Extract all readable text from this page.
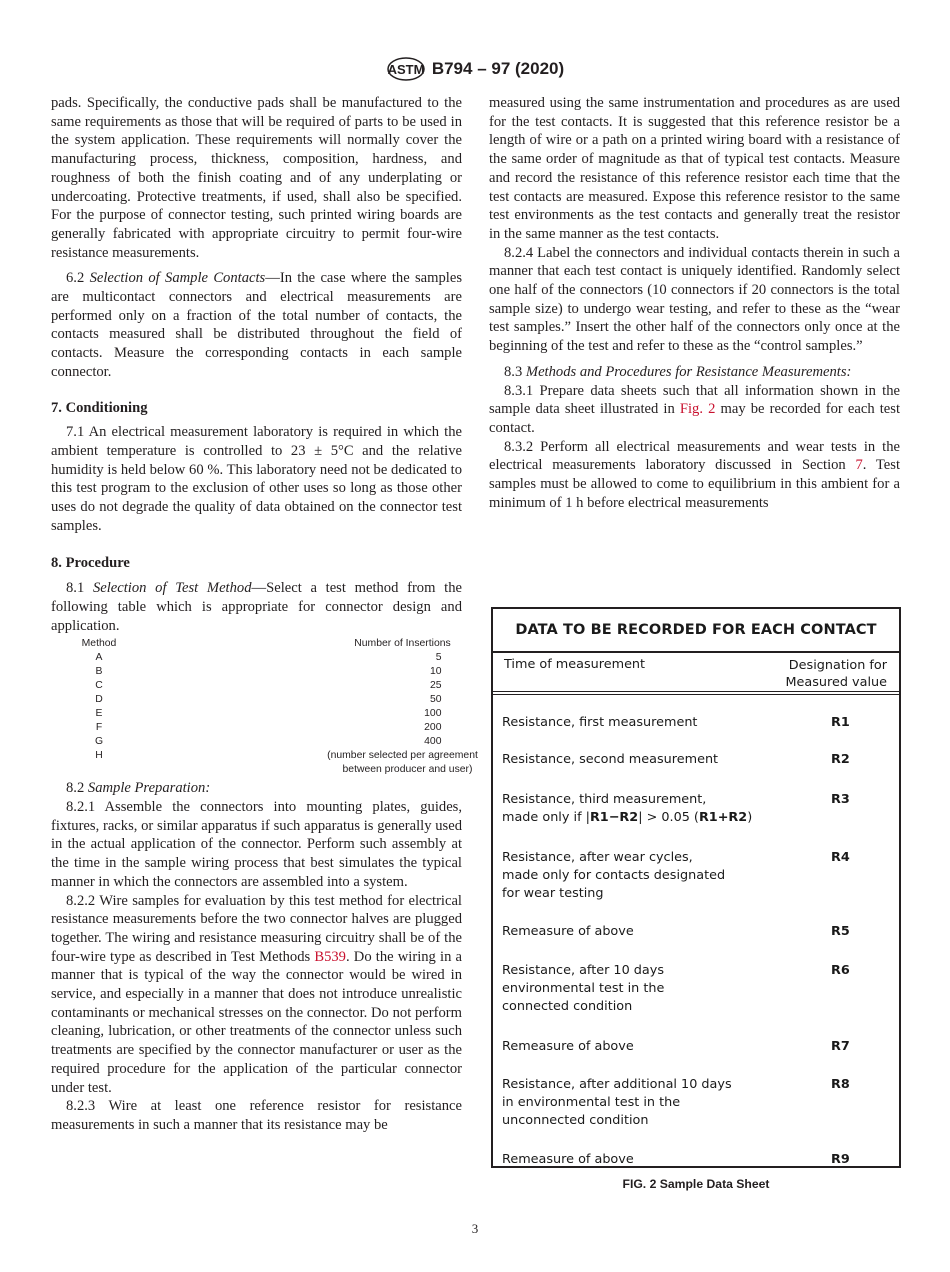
ASTM B794 – 97 (2020)

pads. Specifically, the conductive pads shall be manufactured to the same requirements as those that will be required of parts to be used in the system application. These requirements will normally cover the manufacturing process, thickness, composition, hardness, and roughness of both the finish coating and of any underplating or undercoating. Protective treatments, if used, shall also be specified. For the purpose of connector testing, such printed wiring boards are generally fabricated with appropriate circuitry to permit four-wire resistance measurements.

6.2 Selection of Sample Contacts—In the case where the samples are multicontact connectors and electrical measurements are performed only on a fraction of the total number of contacts, the contacts measured shall be distributed throughout the field of contacts. Measure the corresponding contacts in each sample connector.

7. Conditioning

7.1 An electrical measurement laboratory is required in which the ambient temperature is controlled to 23 ± 5°C and the relative humidity is held below 60 %. This laboratory need not be dedicated to this test program to the exclusion of other uses so long as those other uses do not degrade the quality of data obtained on the connector test samples.

8. Procedure

8.1 Selection of Test Method—Select a test method from the following table which is appropriate for connector design and application.

Method	Number of Insertions
A	5
B	10
C	25
D	50
E	100
F	200
G	400
H	(number selected per agreement
	between producer and user)

8.2 Sample Preparation:

8.2.1 Assemble the connectors into mounting plates, guides, fixtures, racks, or similar apparatus if such apparatus is generally used in the actual application of the connector. Perform such assembly at the time in the sample wiring process that best simulates the typical manner in which the connectors are assembled into a system.

8.2.2 Wire samples for evaluation by this test method for electrical resistance measurements before the two connector halves are plugged together. The wiring and resistance measuring circuitry shall be of the four-wire type as described in Test Methods B539. Do the wiring in a manner that is typical of the way the connector would be wired in service, and especially in a manner that does not introduce unrealistic contaminants or mechanical stresses on the connector. Do not perform cleaning, lubrication, or other treatments of the connector unless such treatments are specified by the connector manufacturer or user as the required procedure for the application of the particular connector under test.

8.2.3 Wire at least one reference resistor for resistance measurements in such a manner that its resistance may be

measured using the same instrumentation and procedures as are used for the test contacts. It is suggested that this reference resistor be a length of wire or a path on a printed wiring board with a resistance of the same order of magnitude as that of typical test contacts. Measure and record the resistance of this reference resistor each time that the test contacts are measured. Expose this reference resistor to the same test environments as the test contacts and generally treat the resistor in the same manner as the test contacts.

8.2.4 Label the connectors and individual contacts therein in such a manner that each test contact is uniquely identified. Randomly select one half of the connectors (10 connectors if 20 connectors is the total sample size) to undergo wear testing, and refer to these as the “wear test samples.” Insert the other half of the connectors only once at the beginning of the test and refer to these as the “control samples.”

8.3 Methods and Procedures for Resistance Measurements:

8.3.1 Prepare data sheets such that all information shown in the sample data sheet illustrated in Fig. 2 may be recorded for each test contact.

8.3.2 Perform all electrical measurements and wear tests in the electrical measurements laboratory discussed in Section 7. Test samples must be allowed to come to equilibrium in this ambient for a minimum of 1 h before electrical measurements

DATA TO BE RECORDED FOR EACH CONTACT
Time of measurement	Designation for
Measured value
Resistance, first measurement	R1
Resistance, second measurement	R2
Resistance, third measurement,
made only if |R1−R2| > 0.05 (R1+R2)
R3
Resistance, after wear cycles,
made only for contacts designated
for wear testing
R4
Remeasure of above	R5
Resistance, after 10 days
environmental test in the
connected condition
R6
Remeasure of above	R7
Resistance, after additional 10 days
in environmental test in the
unconnected condition
R8
Remeasure of above	R9
FIG. 2 Sample Data Sheet
3
